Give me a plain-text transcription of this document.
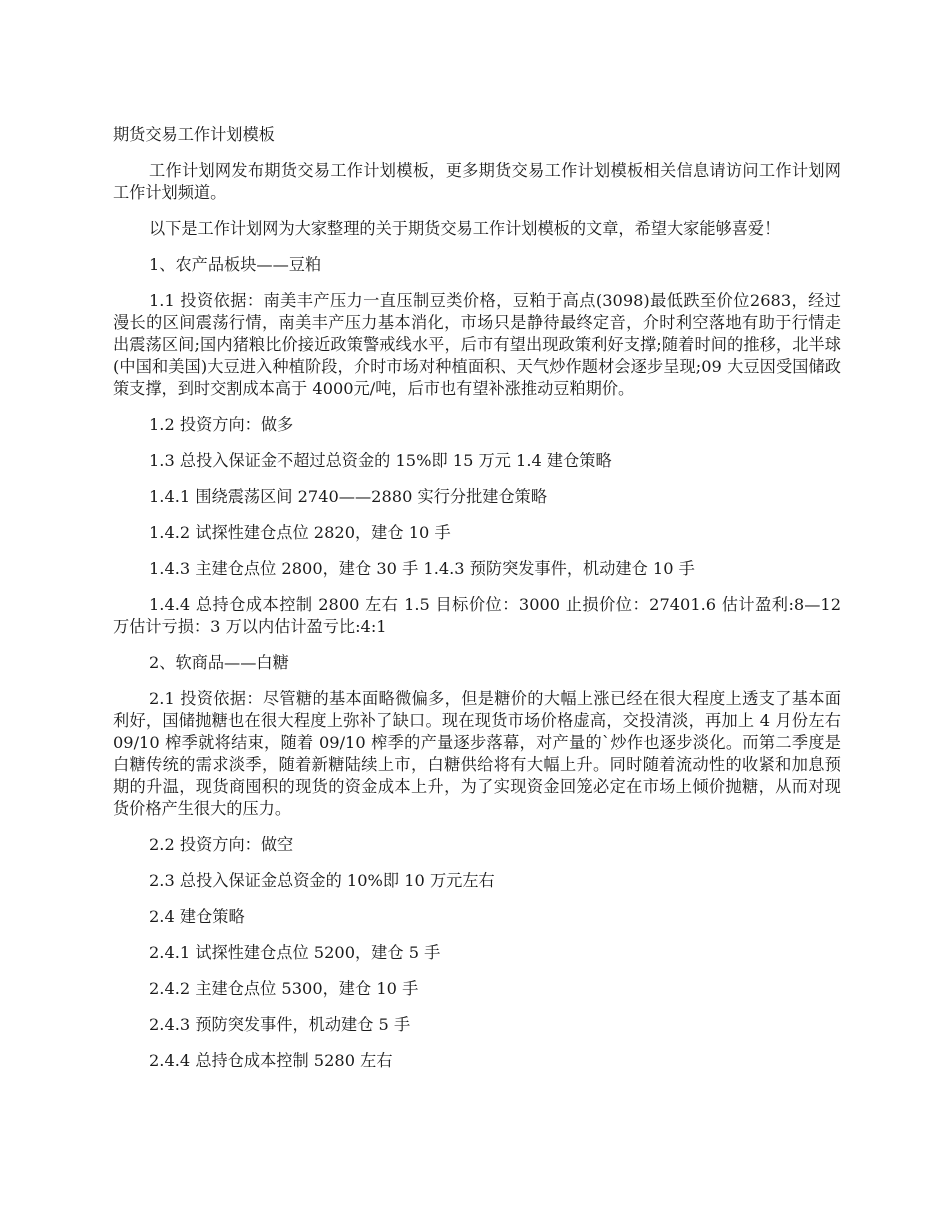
期货交易工作计划模板

工作计划网发布期货交易工作计划模板，更多期货交易工作计划模板相关信息请访问工作计划网工作计划频道。

以下是工作计划网为大家整理的关于期货交易工作计划模板的文章，希望大家能够喜爱！

1、农产品板块——豆粕

1.1 投资依据：南美丰产压力一直压制豆类价格，豆粕于高点(3098)最低跌至价位2683，经过漫长的区间震荡行情，南美丰产压力基本消化，市场只是静待最终定音，介时利空落地有助于行情走出震荡区间;国内猪粮比价接近政策警戒线水平，后市有望出现政策利好支撑;随着时间的推移，北半球(中国和美国)大豆进入种植阶段，介时市场对种植面积、天气炒作题材会逐步呈现;09 大豆因受国储政策支撑，到时交割成本高于 4000元/吨，后市也有望补涨推动豆粕期价。

1.2 投资方向：做多

1.3 总投入保证金不超过总资金的 15%即 15 万元 1.4 建仓策略

1.4.1 围绕震荡区间 2740——2880 实行分批建仓策略

1.4.2 试探性建仓点位 2820，建仓 10 手

1.4.3 主建仓点位 2800，建仓 30 手 1.4.3 预防突发事件，机动建仓 10 手

1.4.4 总持仓成本控制 2800 左右 1.5 目标价位：3000 止损价位：27401.6 估计盈利:8—12 万估计亏损：3 万以内估计盈亏比:4:1

2、软商品——白糖

2.1 投资依据：尽管糖的基本面略微偏多，但是糖价的大幅上涨已经在很大程度上透支了基本面利好，国储抛糖也在很大程度上弥补了缺口。现在现货市场价格虚高，交投清淡，再加上 4 月份左右 09/10 榨季就将结束，随着 09/10 榨季的产量逐步落幕，对产量的`炒作也逐步淡化。而第二季度是白糖传统的需求淡季，随着新糖陆续上市，白糖供给将有大幅上升。同时随着流动性的收紧和加息预期的升温，现货商囤积的现货的资金成本上升，为了实现资金回笼必定在市场上倾价抛糖，从而对现货价格产生很大的压力。

2.2 投资方向：做空

2.3 总投入保证金总资金的 10%即 10 万元左右

2.4 建仓策略

2.4.1 试探性建仓点位 5200，建仓 5 手

2.4.2 主建仓点位 5300，建仓 10 手

2.4.3 预防突发事件，机动建仓 5 手

2.4.4 总持仓成本控制 5280 左右
